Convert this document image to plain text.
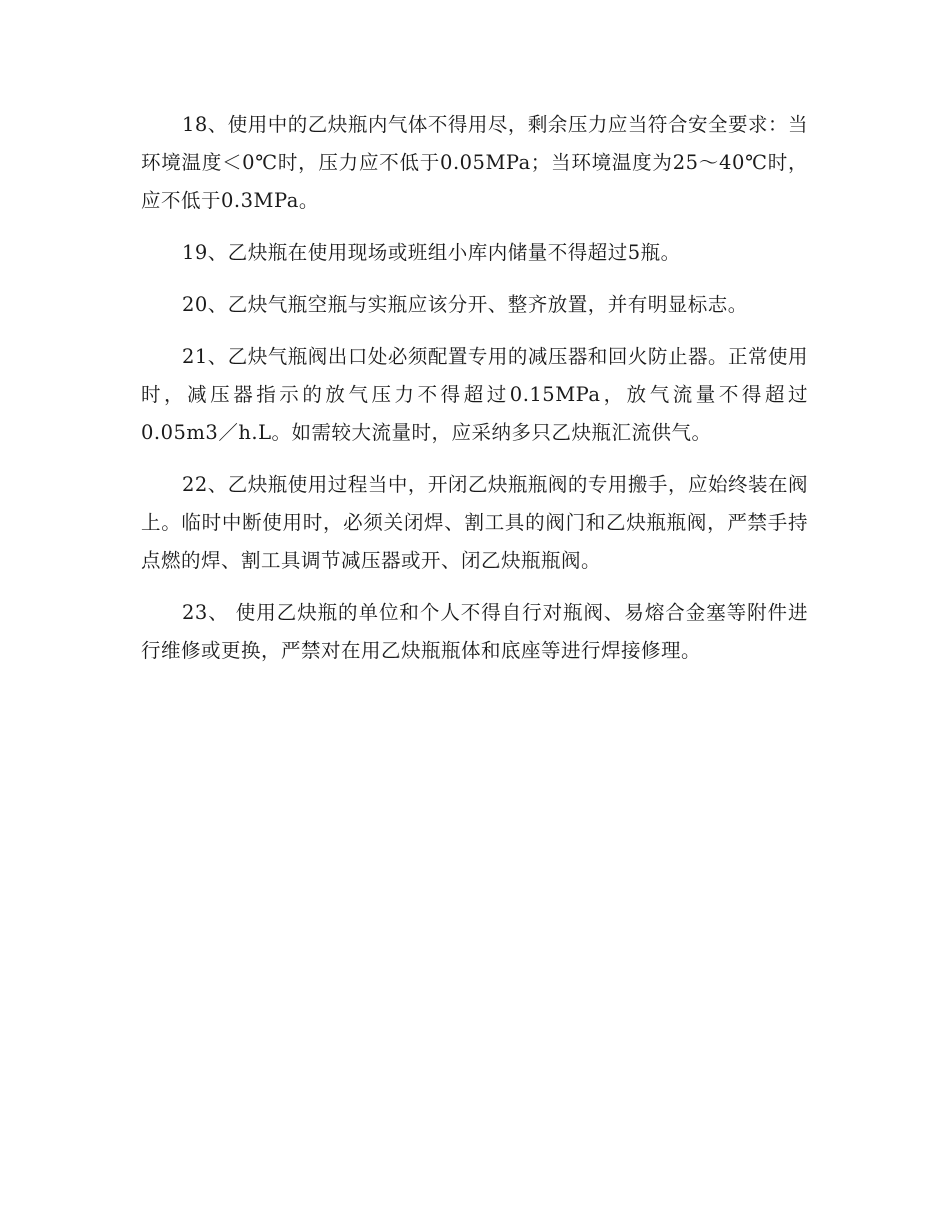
18、使用中的乙炔瓶内气体不得用尽，剩余压力应当符合安全要求：当环境温度＜0℃时，压力应不低于0.05MPa；当环境温度为25～40℃时，应不低于0.3MPa。

19、乙炔瓶在使用现场或班组小库内储量不得超过5瓶。

20、乙炔气瓶空瓶与实瓶应该分开、整齐放置，并有明显标志。

21、乙炔气瓶阀出口处必须配置专用的减压器和回火防止器。正常使用时，减压器指示的放气压力不得超过0.15MPa，放气流量不得超过0.05m3／h.L。如需较大流量时，应采纳多只乙炔瓶汇流供气。

22、乙炔瓶使用过程当中，开闭乙炔瓶瓶阀的专用搬手，应始终装在阀上。临时中断使用时，必须关闭焊、割工具的阀门和乙炔瓶瓶阀，严禁手持点燃的焊、割工具调节减压器或开、闭乙炔瓶瓶阀。

23、 使用乙炔瓶的单位和个人不得自行对瓶阀、易熔合金塞等附件进行维修或更换，严禁对在用乙炔瓶瓶体和底座等进行焊接修理。
